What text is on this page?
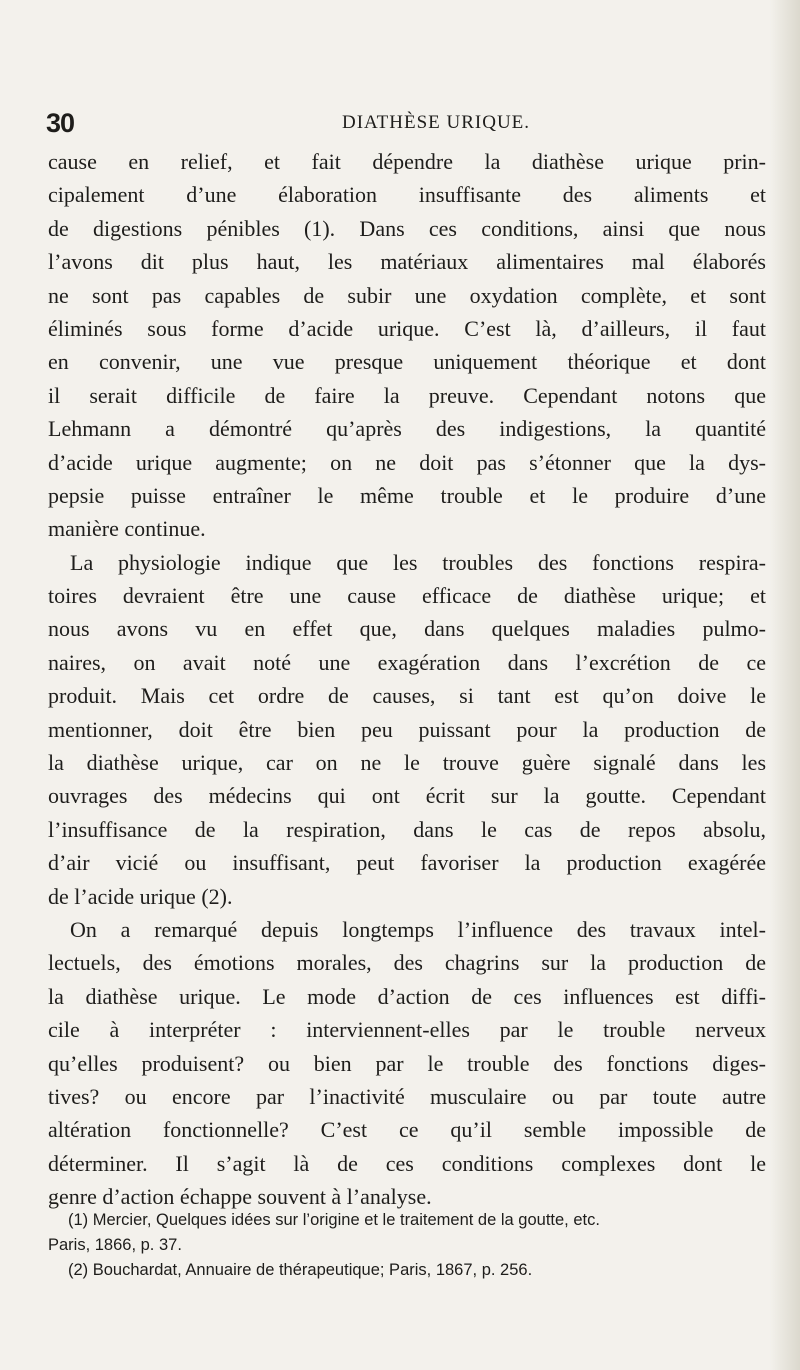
30	DIATHÈSE URIQUE.
cause en relief, et fait dépendre la diathèse urique prin-
cipalement d’une élaboration insuffisante des aliments et
de digestions pénibles (1). Dans ces conditions, ainsi que nous
l’avons dit plus haut, les matériaux alimentaires mal élaborés
ne sont pas capables de subir une oxydation complète, et sont
éliminés sous forme d’acide urique. C’est là, d’ailleurs, il faut
en convenir, une vue presque uniquement théorique et dont
il serait difficile de faire la preuve. Cependant notons que
Lehmann a démontré qu’après des indigestions, la quantité
d’acide urique augmente; on ne doit pas s’étonner que la dys-
pepsie puisse entraîner le même trouble et le produire d’une
manière continue.
La physiologie indique que les troubles des fonctions respira-
toires devraient être une cause efficace de diathèse urique; et
nous avons vu en effet que, dans quelques maladies pulmo-
naires, on avait noté une exagération dans l’excrétion de ce
produit. Mais cet ordre de causes, si tant est qu’on doive le
mentionner, doit être bien peu puissant pour la production de
la diathèse urique, car on ne le trouve guère signalé dans les
ouvrages des médecins qui ont écrit sur la goutte. Cependant
l’insuffisance de la respiration, dans le cas de repos absolu,
d’air vicié ou insuffisant, peut favoriser la production exagérée
de l’acide urique (2).
On a remarqué depuis longtemps l’influence des travaux intel-
lectuels, des émotions morales, des chagrins sur la production de
la diathèse urique. Le mode d’action de ces influences est diffi-
cile à interpréter : interviennent-elles par le trouble nerveux
qu’elles produisent? ou bien par le trouble des fonctions diges-
tives? ou encore par l’inactivité musculaire ou par toute autre
altération fonctionnelle? C’est ce qu’il semble impossible de
déterminer. Il s’agit là de ces conditions complexes dont le
genre d’action échappe souvent à l’analyse.
(1) Mercier, Quelques idées sur l’origine et le traitement de la goutte, etc.
Paris, 1866, p. 37.
(2) Bouchardat, Annuaire de thérapeutique; Paris, 1867, p. 256.
